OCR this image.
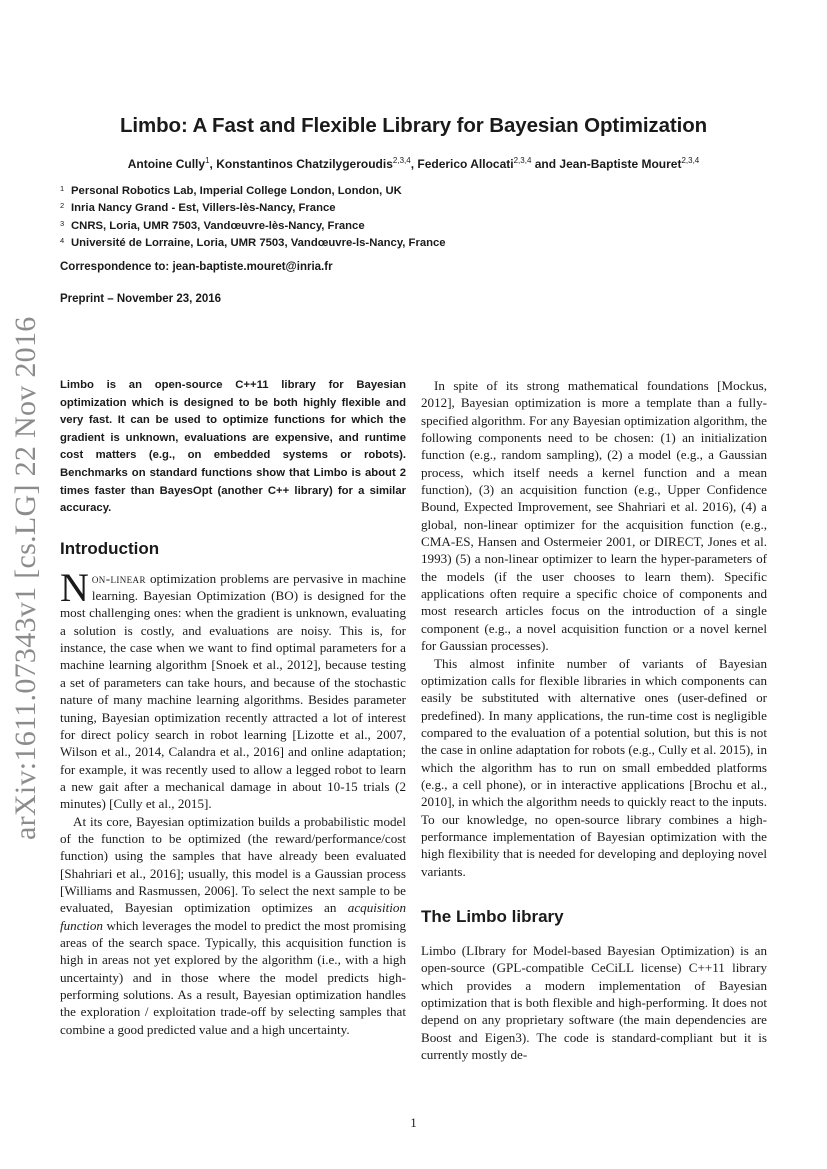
arXiv:1611.07343v1 [cs.LG] 22 Nov 2016
Limbo: A Fast and Flexible Library for Bayesian Optimization
Antoine Cully$^1$, Konstantinos Chatzilygeroudis$^{2,3,4}$, Federico Allocati$^{2,3,4}$ and Jean-Baptiste Mouret$^{2,3,4}$
1 Personal Robotics Lab, Imperial College London, London, UK
2 Inria Nancy Grand - Est, Villers-lès-Nancy, France
3 CNRS, Loria, UMR 7503, Vandœuvre-lès-Nancy, France
4 Université de Lorraine, Loria, UMR 7503, Vandœuvre-ls-Nancy, France
Correspondence to: jean-baptiste.mouret@inria.fr
Preprint – November 23, 2016

Limbo is an open-source C++11 library for Bayesian optimization which is designed to be both highly flexible and very fast. It can be used to optimize functions for which the gradient is unknown, evaluations are expensive, and runtime cost matters (e.g., on embedded systems or robots). Benchmarks on standard functions show that Limbo is about 2 times faster than BayesOpt (another C++ library) for a similar accuracy.

Introduction

Non-linear optimization problems are pervasive in machine learning. Bayesian Optimization (BO) is designed for the most challenging ones: when the gradient is unknown, evaluating a solution is costly, and evaluations are noisy. This is, for instance, the case when we want to find optimal parameters for a machine learning algorithm [Snoek et al., 2012], because testing a set of parameters can take hours, and because of the stochastic nature of many machine learning algorithms. Besides parameter tuning, Bayesian optimization recently attracted a lot of interest for direct policy search in robot learning [Lizotte et al., 2007, Wilson et al., 2014, Calandra et al., 2016] and online adaptation; for example, it was recently used to allow a legged robot to learn a new gait after a mechanical damage in about 10-15 trials (2 minutes) [Cully et al., 2015].

At its core, Bayesian optimization builds a probabilistic model of the function to be optimized (the reward/performance/cost function) using the samples that have already been evaluated [Shahriari et al., 2016]; usually, this model is a Gaussian process [Williams and Rasmussen, 2006]. To select the next sample to be evaluated, Bayesian optimization optimizes an acquisition function which leverages the model to predict the most promising areas of the search space. Typically, this acquisition function is high in areas not yet explored by the algorithm (i.e., with a high uncertainty) and in those where the model predicts high-performing solutions. As a result, Bayesian optimization handles the exploration / exploitation trade-off by selecting samples that combine a good predicted value and a high uncertainty.

In spite of its strong mathematical foundations [Mockus, 2012], Bayesian optimization is more a template than a fully-specified algorithm. For any Bayesian optimization algorithm, the following components need to be chosen: (1) an initialization function (e.g., random sampling), (2) a model (e.g., a Gaussian process, which itself needs a kernel function and a mean function), (3) an acquisition function (e.g., Upper Confidence Bound, Expected Improvement, see Shahriari et al. 2016), (4) a global, non-linear optimizer for the acquisition function (e.g., CMA-ES, Hansen and Ostermeier 2001, or DIRECT, Jones et al. 1993) (5) a non-linear optimizer to learn the hyper-parameters of the models (if the user chooses to learn them). Specific applications often require a specific choice of components and most research articles focus on the introduction of a single component (e.g., a novel acquisition function or a novel kernel for Gaussian processes).

This almost infinite number of variants of Bayesian optimization calls for flexible libraries in which components can easily be substituted with alternative ones (user-defined or predefined). In many applications, the run-time cost is negligible compared to the evaluation of a potential solution, but this is not the case in online adaptation for robots (e.g., Cully et al. 2015), in which the algorithm has to run on small embedded platforms (e.g., a cell phone), or in interactive applications [Brochu et al., 2010], in which the algorithm needs to quickly react to the inputs. To our knowledge, no open-source library combines a high-performance implementation of Bayesian optimization with the high flexibility that is needed for developing and deploying novel variants.

The Limbo library

Limbo (LIbrary for Model-based Bayesian Optimization) is an open-source (GPL-compatible CeCiLL license) C++11 library which provides a modern implementation of Bayesian optimization that is both flexible and high-performing. It does not depend on any proprietary software (the main dependencies are Boost and Eigen3). The code is standard-compliant but it is currently mostly de-

1
